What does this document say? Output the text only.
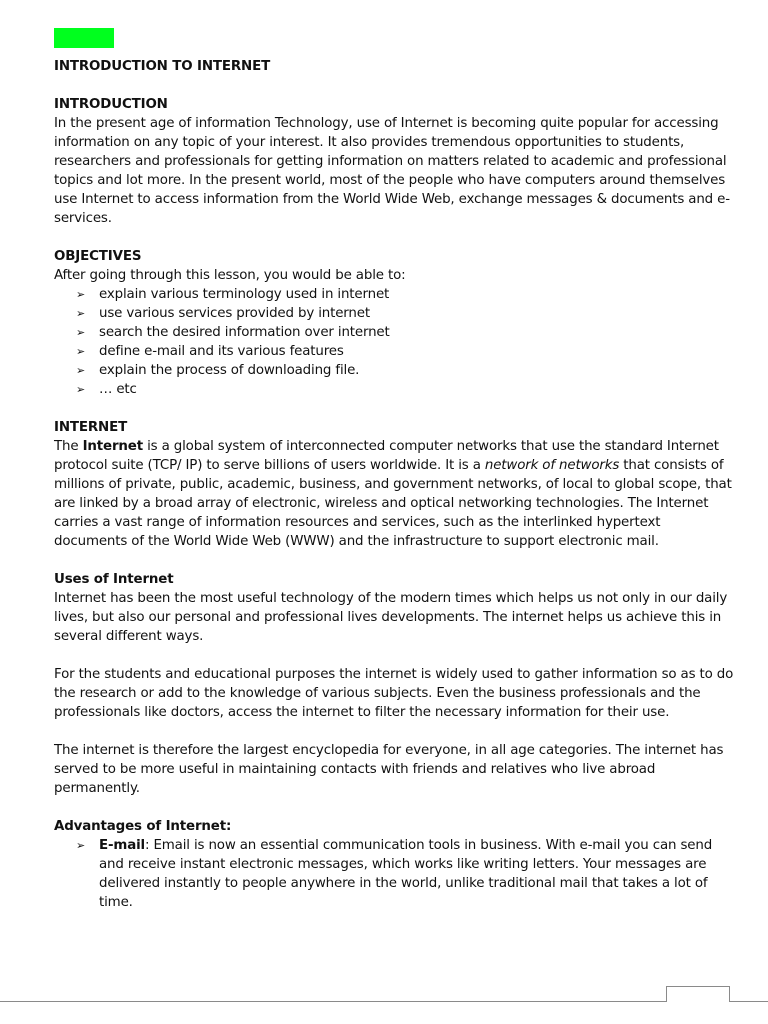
INTRODUCTION TO INTERNET

INTRODUCTION

In the present age of information Technology, use of Internet is becoming quite popular for accessing information on any topic of your interest. It also provides tremendous opportunities to students, researchers and professionals for getting information on matters related to academic and professional topics and lot more. In the present world, most of the people who have computers around themselves use Internet to access information from the World Wide Web, exchange messages & documents and e-services.

OBJECTIVES

After going through this lesson, you would be able to:

➢ explain various terminology used in internet
➢ use various services provided by internet
➢ search the desired information over internet
➢ define e-mail and its various features
➢ explain the process of downloading file.
➢ … etc

INTERNET

The Internet is a global system of interconnected computer networks that use the standard Internet protocol suite (TCP/ IP) to serve billions of users worldwide. It is a network of networks that consists of millions of private, public, academic, business, and government networks, of local to global scope, that are linked by a broad array of electronic, wireless and optical networking technologies. The Internet carries a vast range of information resources and services, such as the interlinked hypertext documents of the World Wide Web (WWW) and the infrastructure to support electronic mail.

Uses of Internet

Internet has been the most useful technology of the modern times which helps us not only in our daily lives, but also our personal and professional lives developments. The internet helps us achieve this in several different ways.

For the students and educational purposes the internet is widely used to gather information so as to do the research or add to the knowledge of various subjects. Even the business professionals and the professionals like doctors, access the internet to filter the necessary information for their use.

The internet is therefore the largest encyclopedia for everyone, in all age categories. The internet has served to be more useful in maintaining contacts with friends and relatives who live abroad permanently.

Advantages of Internet:

➢ E-mail: Email is now an essential communication tools in business. With e-mail you can send and receive instant electronic messages, which works like writing letters. Your messages are delivered instantly to people anywhere in the world, unlike traditional mail that takes a lot of time.
